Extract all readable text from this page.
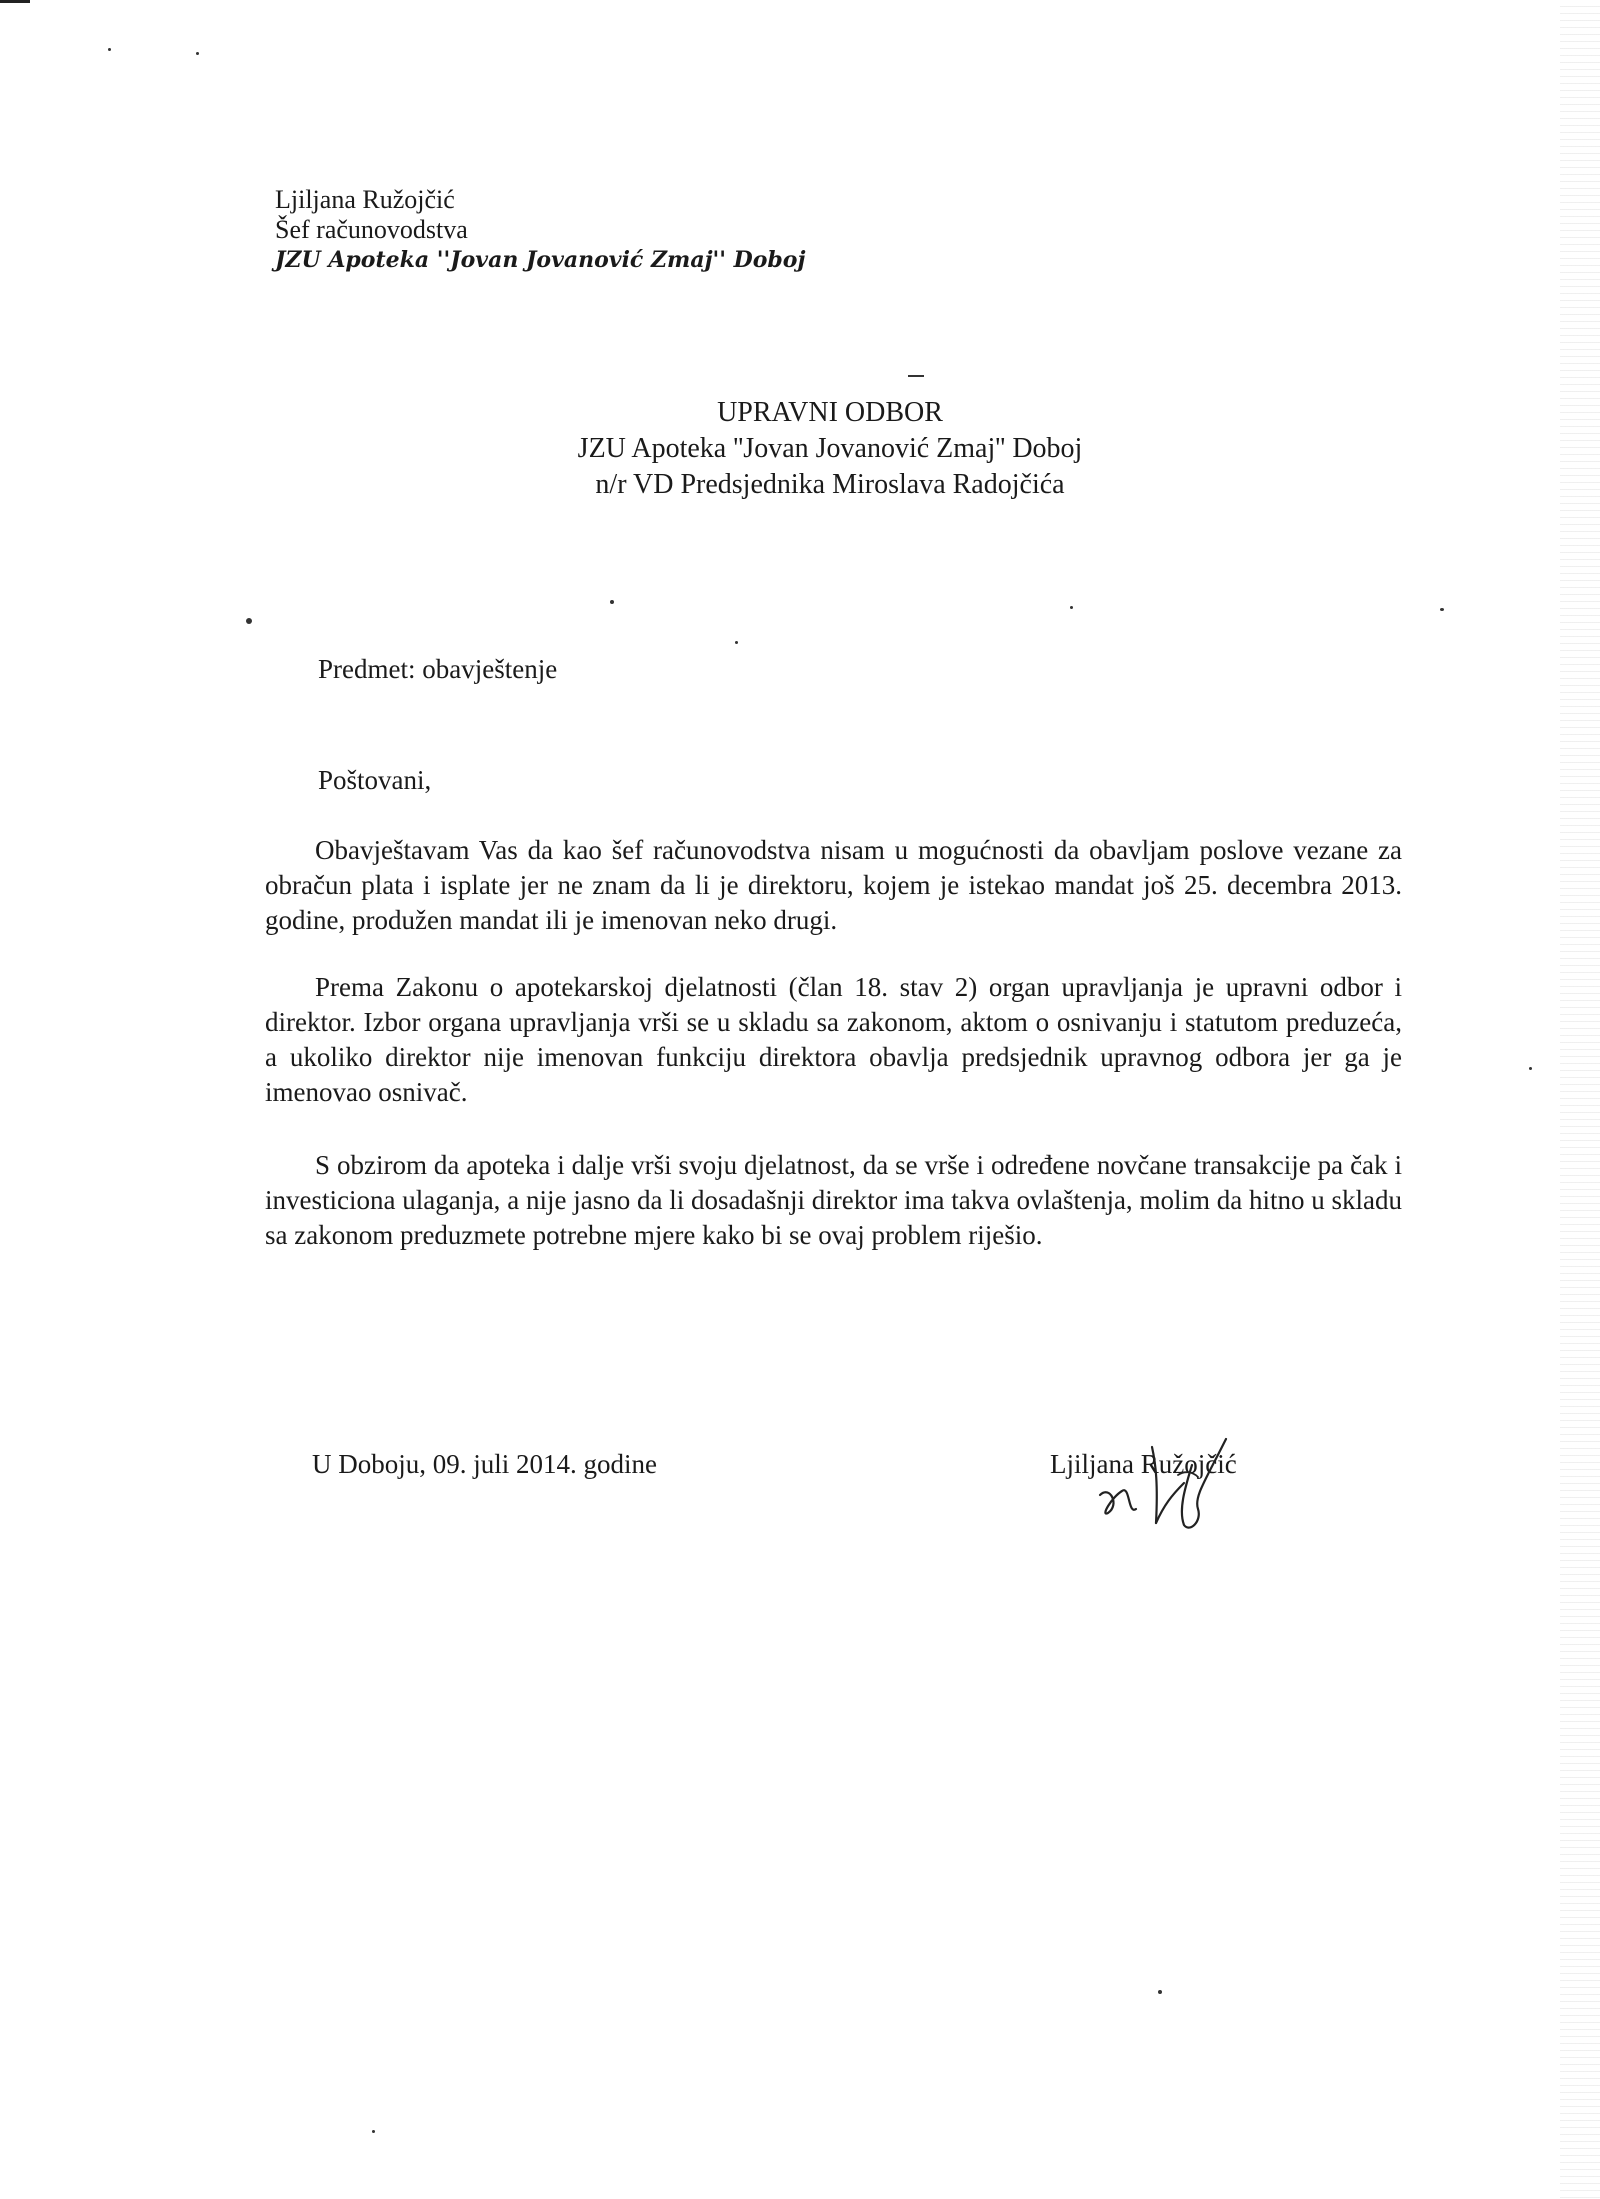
Ljiljana Ružojčić
Šef računovodstva
JZU Apoteka ''Jovan Jovanović Zmaj'' Doboj
UPRAVNI ODBOR
JZU Apoteka ''Jovan Jovanović Zmaj'' Doboj
n/r VD Predsjednika Miroslava Radojčića
Predmet: obavještenje
Poštovani,
Obavještavam Vas da kao šef računovodstva nisam u mogućnosti da obavljam poslove vezane za obračun plata i isplate jer ne znam da li je direktoru, kojem je istekao mandat još 25. decembra 2013. godine, produžen mandat ili je imenovan neko drugi.
Prema Zakonu o apotekarskoj djelatnosti (član 18. stav 2) organ upravljanja je upravni odbor i direktor. Izbor organa upravljanja vrši se u skladu sa zakonom, aktom o osnivanju i statutom preduzeća, a ukoliko direktor nije imenovan funkciju direktora obavlja predsjednik upravnog odbora jer ga je imenovao osnivač.
S obzirom da apoteka i dalje vrši svoju djelatnost, da se vrše i određene novčane transakcije pa čak i investiciona ulaganja, a nije jasno da li dosadašnji direktor ima takva ovlaštenja, molim da hitno u skladu sa zakonom preduzmete potrebne mjere kako bi se ovaj problem riješio.
U Doboju, 09. juli 2014. godine	Ljiljana Ružojčić
